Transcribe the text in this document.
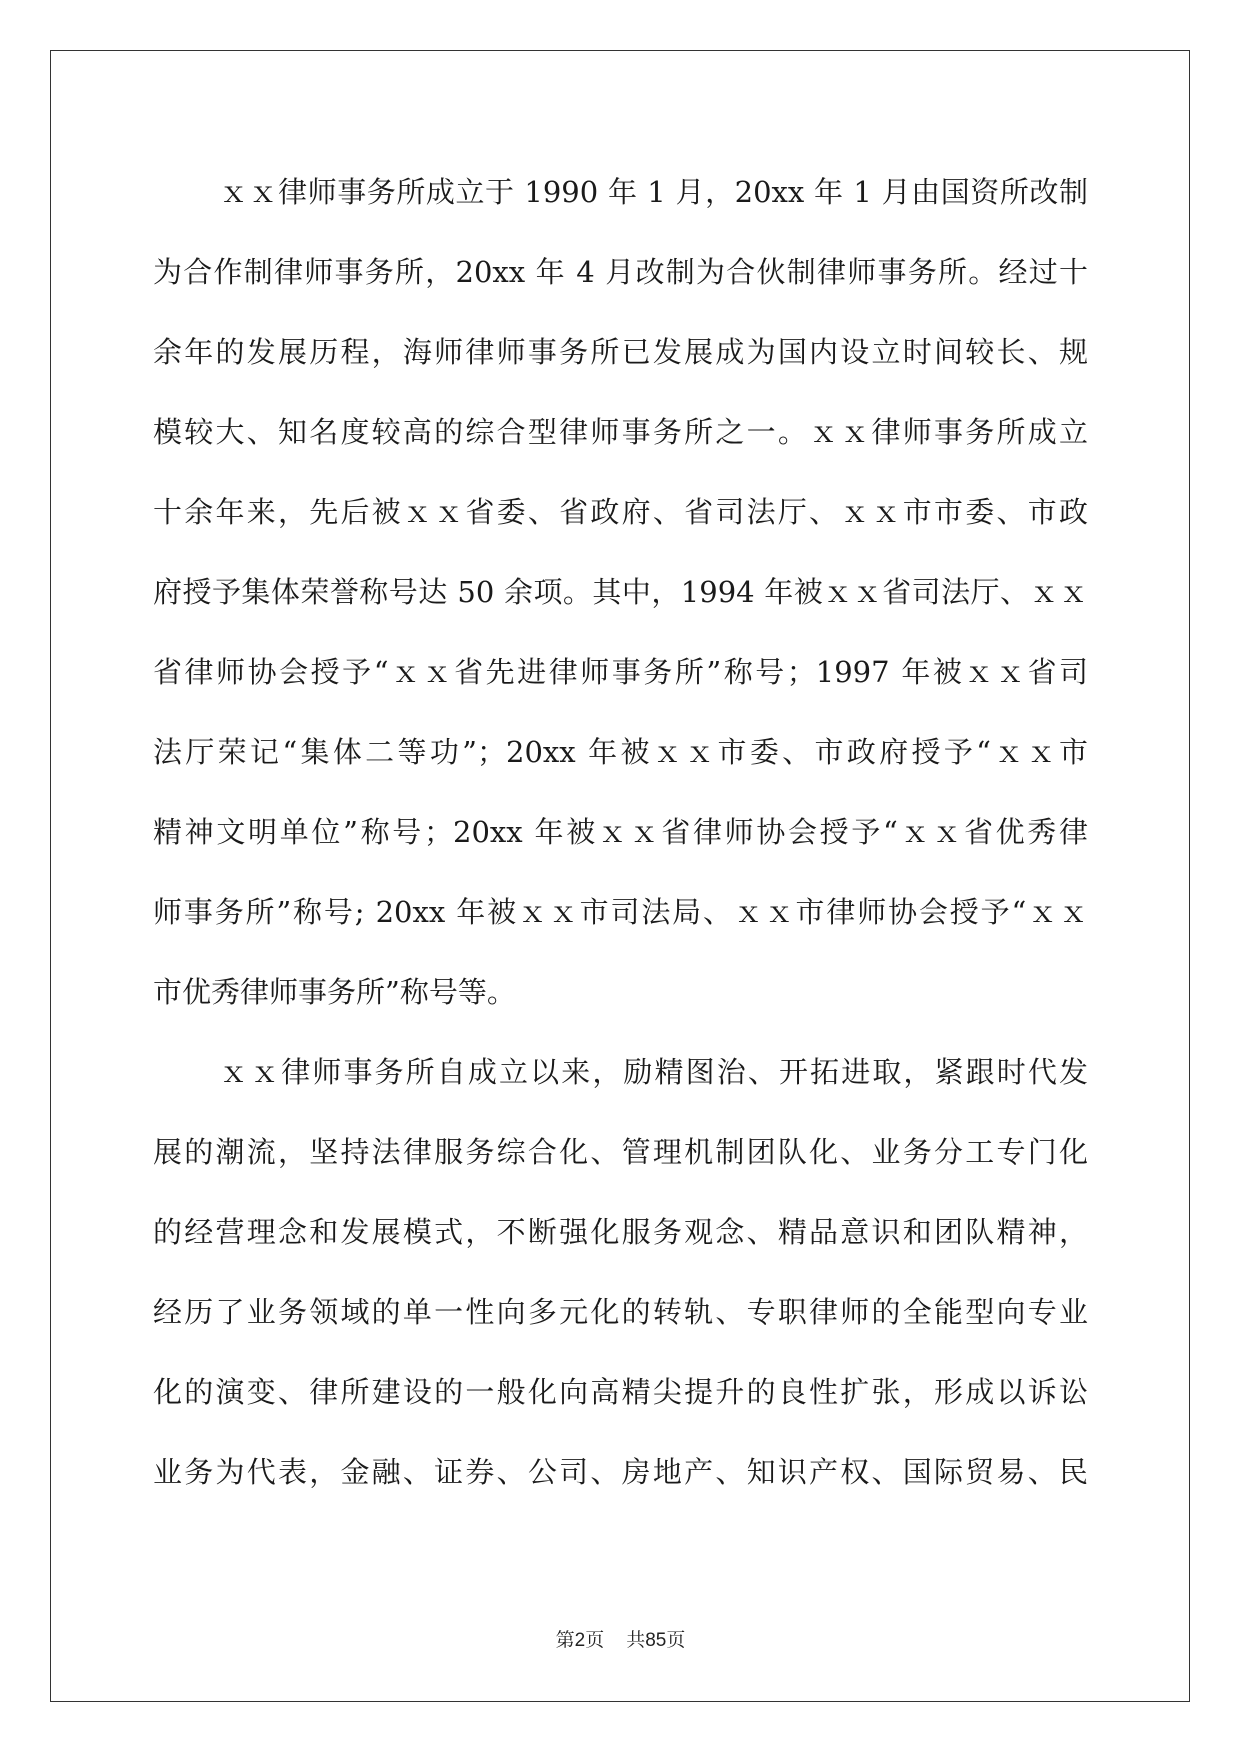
ｘｘ律师事务所成立于 1990 年 1 月，20xx 年 1 月由国资所改制
为合作制律师事务所，20xx 年 4 月改制为合伙制律师事务所。经过十
余年的发展历程，海师律师事务所已发展成为国内设立时间较长、规
模较大、知名度较高的综合型律师事务所之一。ｘｘ律师事务所成立
十余年来，先后被ｘｘ省委、省政府、省司法厅、ｘｘ市市委、市政
府授予集体荣誉称号达 50 余项。其中，1994 年被ｘｘ省司法厅、ｘｘ
省律师协会授予“ｘｘ省先进律师事务所”称号；1997 年被ｘｘ省司
法厅荣记“集体二等功”；20xx 年被ｘｘ市委、市政府授予“ｘｘ市
精神文明单位”称号；20xx 年被ｘｘ省律师协会授予“ｘｘ省优秀律
师事务所”称号; 20xx 年被ｘｘ市司法局、ｘｘ市律师协会授予“ｘｘ
市优秀律师事务所”称号等。
ｘｘ律师事务所自成立以来，励精图治、开拓进取，紧跟时代发
展的潮流，坚持法律服务综合化、管理机制团队化、业务分工专门化
的经营理念和发展模式，不断强化服务观念、精品意识和团队精神，
经历了业务领域的单一性向多元化的转轨、专职律师的全能型向专业
化的演变、律所建设的一般化向高精尖提升的良性扩张，形成以诉讼
业务为代表，金融、证券、公司、房地产、知识产权、国际贸易、民
第2页 共85页
